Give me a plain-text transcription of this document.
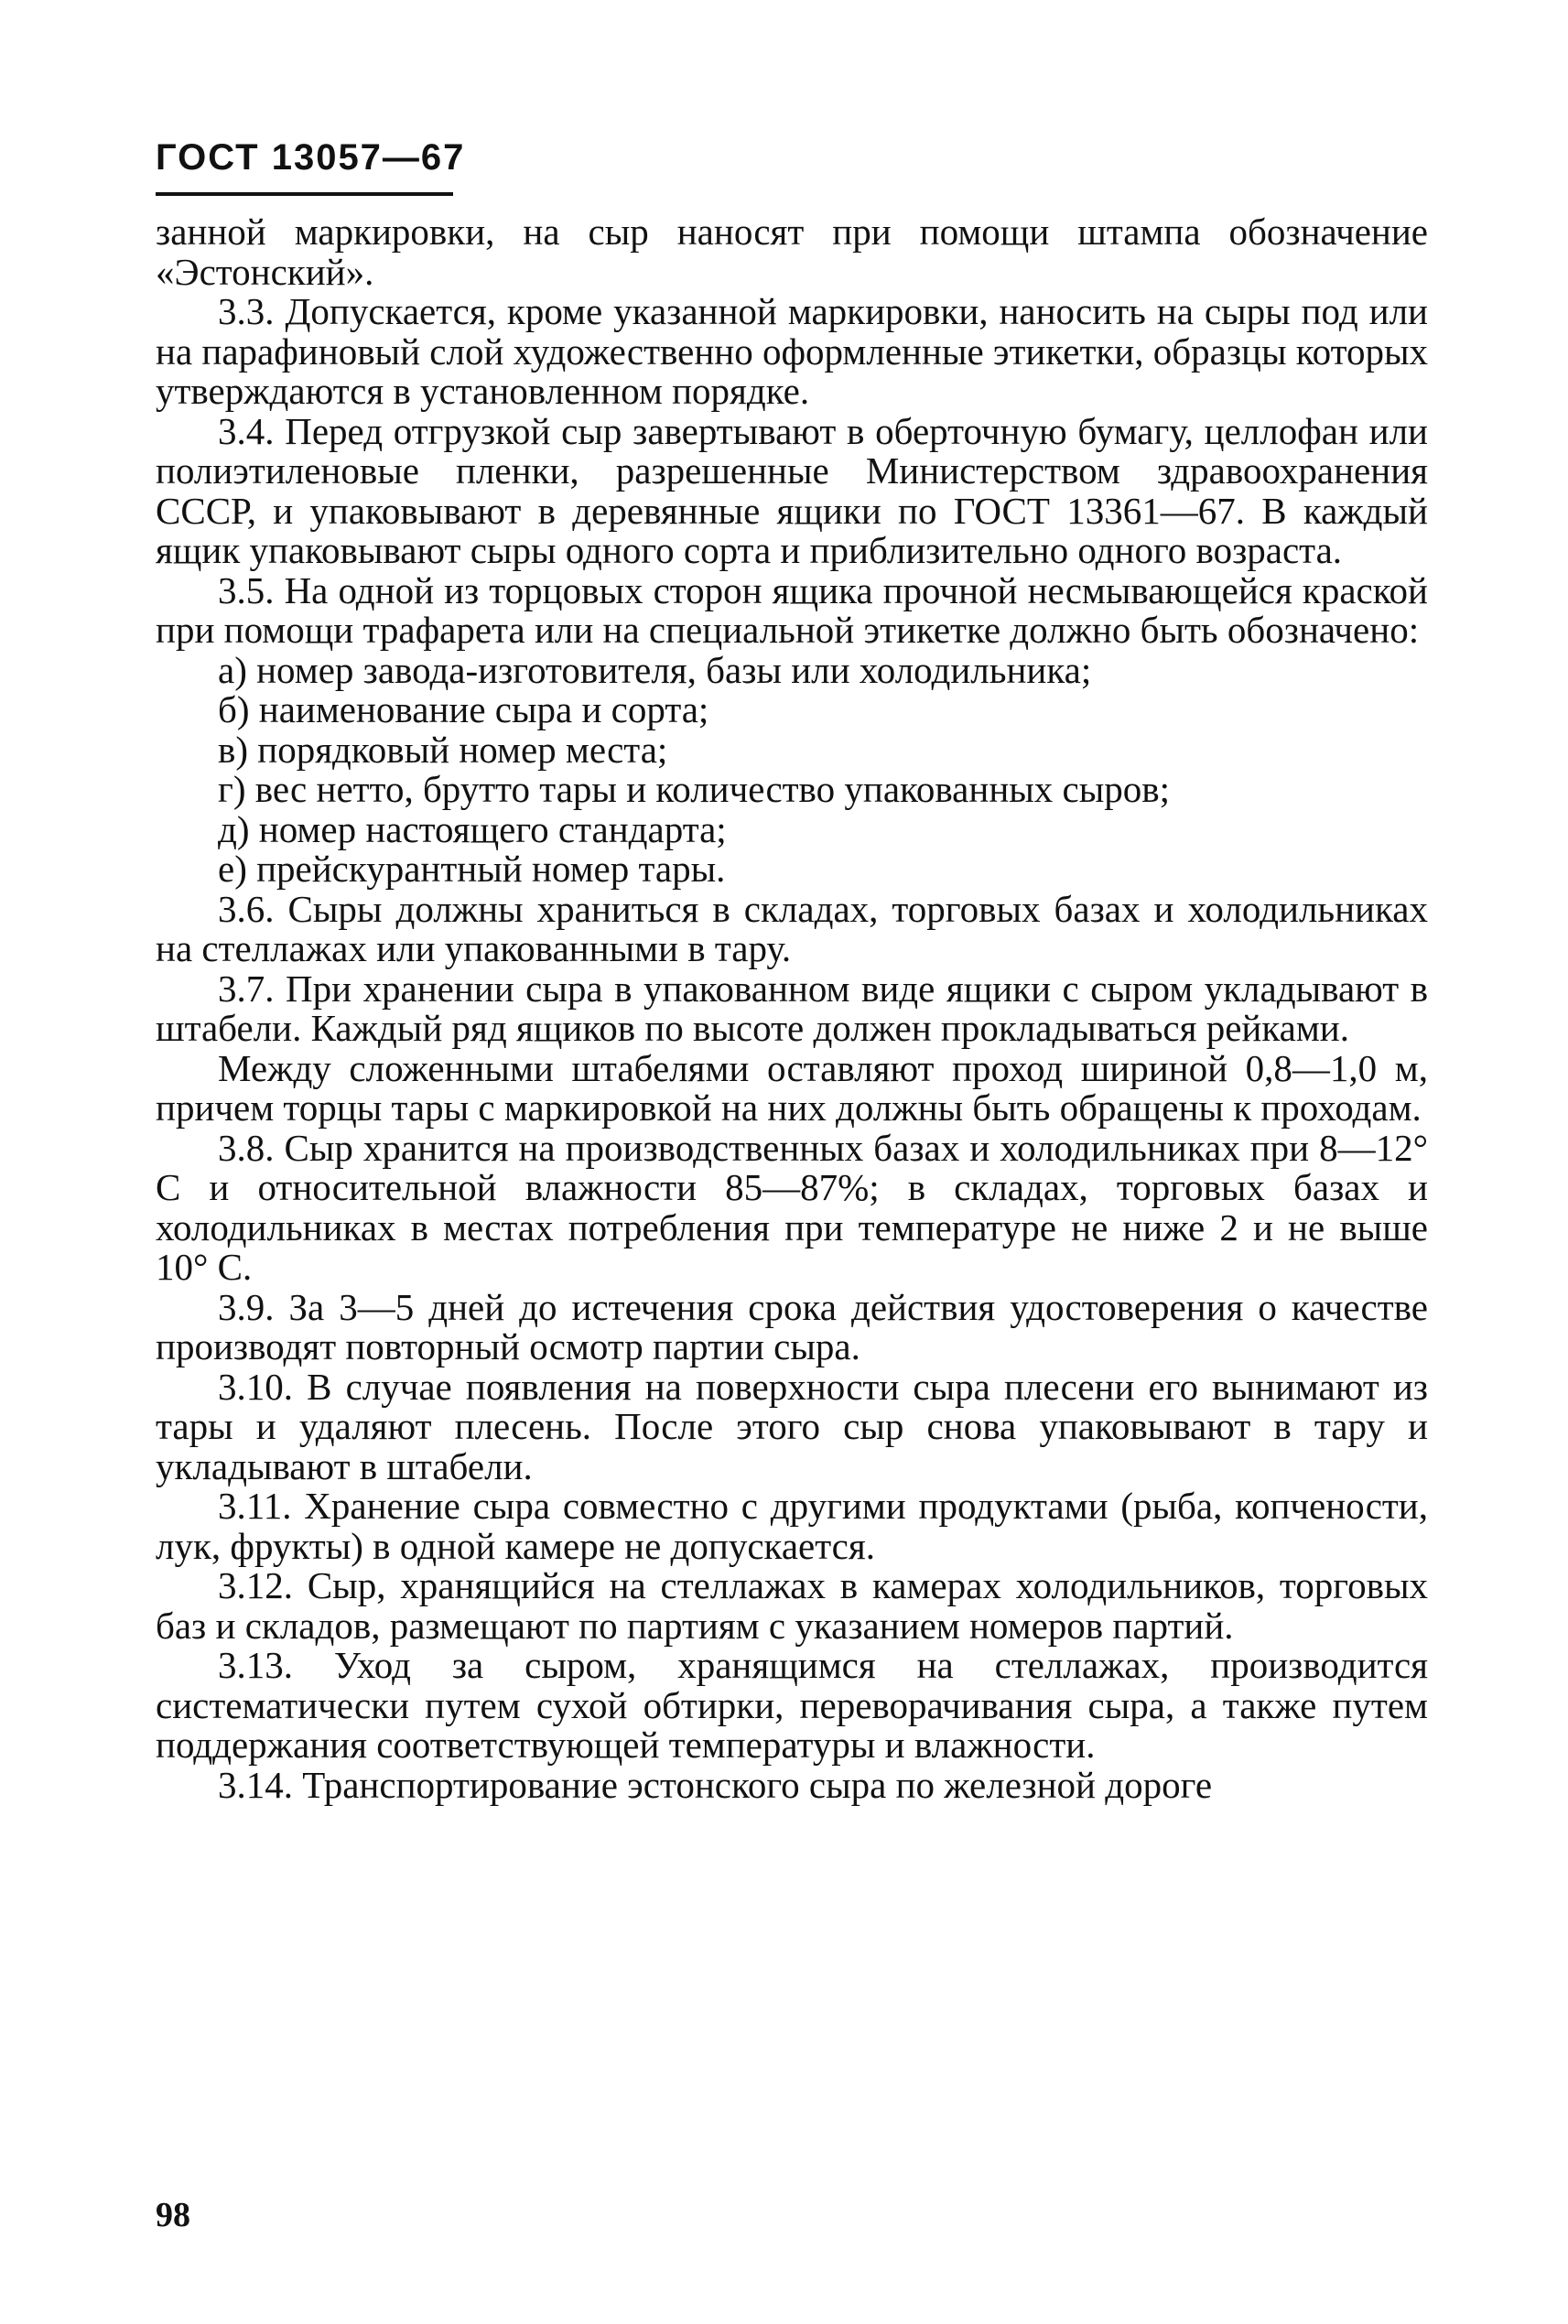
ГОСТ 13057—67

занной маркировки, на сыр наносят при помощи штампа обозначение «Эстонский».

3.3. Допускается, кроме указанной маркировки, наносить на сыры под или на парафиновый слой художественно оформленные этикетки, образцы которых утверждаются в установленном порядке.

3.4. Перед отгрузкой сыр завертывают в оберточную бумагу, целлофан или полиэтиленовые пленки, разрешенные Министерством здравоохранения СССР, и упаковывают в деревянные ящики по ГОСТ 13361—67. В каждый ящик упаковывают сыры одного сорта и приблизительно одного возраста.

3.5. На одной из торцовых сторон ящика прочной несмывающейся краской при помощи трафарета или на специальной этикетке должно быть обозначено:

а) номер завода-изготовителя, базы или холодильника;

б) наименование сыра и сорта;

в) порядковый номер места;

г) вес нетто, брутто тары и количество упакованных сыров;

д) номер настоящего стандарта;

е) прейскурантный номер тары.

3.6. Сыры должны храниться в складах, торговых базах и холодильниках на стеллажах или упакованными в тару.

3.7. При хранении сыра в упакованном виде ящики с сыром укладывают в штабели. Каждый ряд ящиков по высоте должен прокладываться рейками.

Между сложенными штабелями оставляют проход шириной 0,8—1,0 м, причем торцы тары с маркировкой на них должны быть обращены к проходам.

3.8. Сыр хранится на производственных базах и холодильниках при 8—12° С и относительной влажности 85—87%; в складах, торговых базах и холодильниках в местах потребления при температуре не ниже 2 и не выше 10° С.

3.9. За 3—5 дней до истечения срока действия удостоверения о качестве производят повторный осмотр партии сыра.

3.10. В случае появления на поверхности сыра плесени его вынимают из тары и удаляют плесень. После этого сыр снова упаковывают в тару и укладывают в штабели.

3.11. Хранение сыра совместно с другими продуктами (рыба, копчености, лук, фрукты) в одной камере не допускается.

3.12. Сыр, хранящийся на стеллажах в камерах холодильников, торговых баз и складов, размещают по партиям с указанием номеров партий.

3.13. Уход за сыром, хранящимся на стеллажах, производится систематически путем сухой обтирки, переворачивания сыра, а также путем поддержания соответствующей температуры и влажности.

3.14. Транспортирование эстонского сыра по железной дороге

98
